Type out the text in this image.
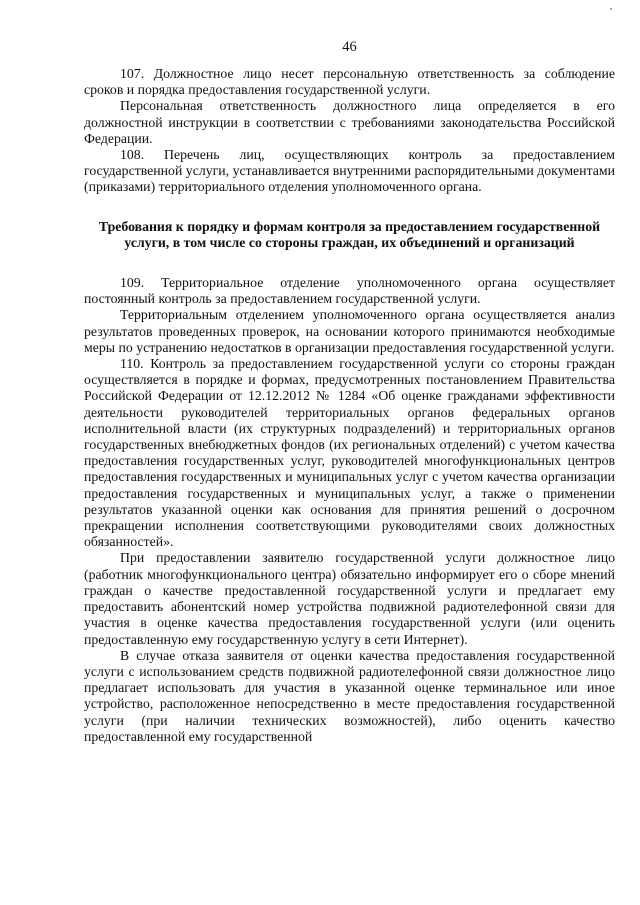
46

107. Должностное лицо несет персональную ответственность за соблюдение сроков и порядка предоставления государственной услуги.

Персональная ответственность должностного лица определяется в его должностной инструкции в соответствии с требованиями законодательства Российской Федерации.

108. Перечень лиц, осуществляющих контроль за предоставлением государственной услуги, устанавливается внутренними распорядительными документами (приказами) территориального отделения уполномоченного органа.

Требования к порядку и формам контроля за предоставлением государственной услуги, в том числе со стороны граждан, их объединений и организаций

109. Территориальное отделение уполномоченного органа осуществляет постоянный контроль за предоставлением государственной услуги.

Территориальным отделением уполномоченного органа осуществляется анализ результатов проведенных проверок, на основании которого принимаются необходимые меры по устранению недостатков в организации предоставления государственной услуги.

110. Контроль за предоставлением государственной услуги со стороны граждан осуществляется в порядке и формах, предусмотренных постановлением Правительства Российской Федерации от 12.12.2012 № 1284 «Об оценке гражданами эффективности деятельности руководителей территориальных органов федеральных органов исполнительной власти (их структурных подразделений) и территориальных органов государственных внебюджетных фондов (их региональных отделений) с учетом качества предоставления государственных услуг, руководителей многофункциональных центров предоставления государственных и муниципальных услуг с учетом качества организации предоставления государственных и муниципальных услуг, а также о применении результатов указанной оценки как основания для принятия решений о досрочном прекращении исполнения соответствующими руководителями своих должностных обязанностей».

При предоставлении заявителю государственной услуги должностное лицо (работник многофункционального центра) обязательно информирует его о сборе мнений граждан о качестве предоставленной государственной услуги и предлагает ему предоставить абонентский номер устройства подвижной радиотелефонной связи для участия в оценке качества предоставления государственной услуги (или оценить предоставленную ему государственную услугу в сети Интернет).

В случае отказа заявителя от оценки качества предоставления государственной услуги с использованием средств подвижной радиотелефонной связи должностное лицо предлагает использовать для участия в указанной оценке терминальное или иное устройство, расположенное непосредственно в месте предоставления государственной услуги (при наличии технических возможностей), либо оценить качество предоставленной ему государственной
